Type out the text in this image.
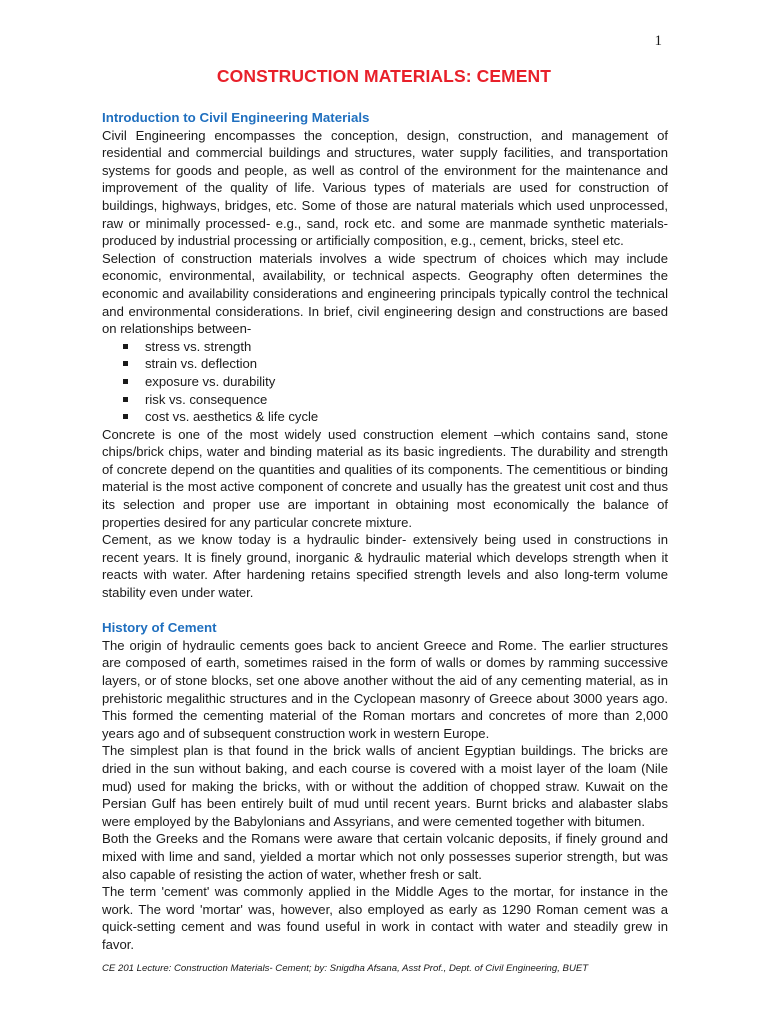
1
CONSTRUCTION MATERIALS: CEMENT
Introduction to Civil Engineering Materials

Civil Engineering encompasses the conception, design, construction, and management of residential and commercial buildings and structures, water supply facilities, and transportation systems for goods and people, as well as control of the environment for the maintenance and improvement of the quality of life. Various types of materials are used for construction of buildings, highways, bridges, etc. Some of those are natural materials which used unprocessed, raw or minimally processed- e.g., sand, rock etc. and some are manmade synthetic materials- produced by industrial processing or artificially composition, e.g., cement, bricks, steel etc.

Selection of construction materials involves a wide spectrum of choices which may include economic, environmental, availability, or technical aspects. Geography often determines the economic and availability considerations and engineering principals typically control the technical and environmental considerations. In brief, civil engineering design and constructions are based on relationships between-

stress vs. strength
strain vs. deflection
exposure vs. durability
risk vs. consequence
cost vs. aesthetics & life cycle

Concrete is one of the most widely used construction element –which contains sand, stone chips/brick chips, water and binding material as its basic ingredients. The durability and strength of concrete depend on the quantities and qualities of its components. The cementitious or binding material is the most active component of concrete and usually has the greatest unit cost and thus its selection and proper use are important in obtaining most economically the balance of properties desired for any particular concrete mixture.

Cement, as we know today is a hydraulic binder- extensively being used in constructions in recent years. It is finely ground, inorganic & hydraulic material which develops strength when it reacts with water. After hardening retains specified strength levels and also long-term volume stability even under water.

History of Cement

The origin of hydraulic cements goes back to ancient Greece and Rome. The earlier structures are composed of earth, sometimes raised in the form of walls or domes by ramming successive layers, or of stone blocks, set one above another without the aid of any cementing material, as in prehistoric megalithic structures and in the Cyclopean masonry of Greece about 3000 years ago. This formed the cementing material of the Roman mortars and concretes of more than 2,000 years ago and of subsequent construction work in western Europe.

The simplest plan is that found in the brick walls of ancient Egyptian buildings. The bricks are dried in the sun without baking, and each course is covered with a moist layer of the loam (Nile mud) used for making the bricks, with or without the addition of chopped straw. Kuwait on the Persian Gulf has been entirely built of mud until recent years. Burnt bricks and alabaster slabs were employed by the Babylonians and Assyrians, and were cemented together with bitumen.

Both the Greeks and the Romans were aware that certain volcanic deposits, if finely ground and mixed with lime and sand, yielded a mortar which not only possesses superior strength, but was also capable of resisting the action of water, whether fresh or salt.

The term 'cement' was commonly applied in the Middle Ages to the mortar, for instance in the work. The word 'mortar' was, however, also employed as early as 1290 Roman cement was a quick-setting cement and was found useful in work in contact with water and steadily grew in favor.

CE 201 Lecture: Construction Materials- Cement; by: Snigdha Afsana, Asst Prof., Dept. of Civil Engineering, BUET
